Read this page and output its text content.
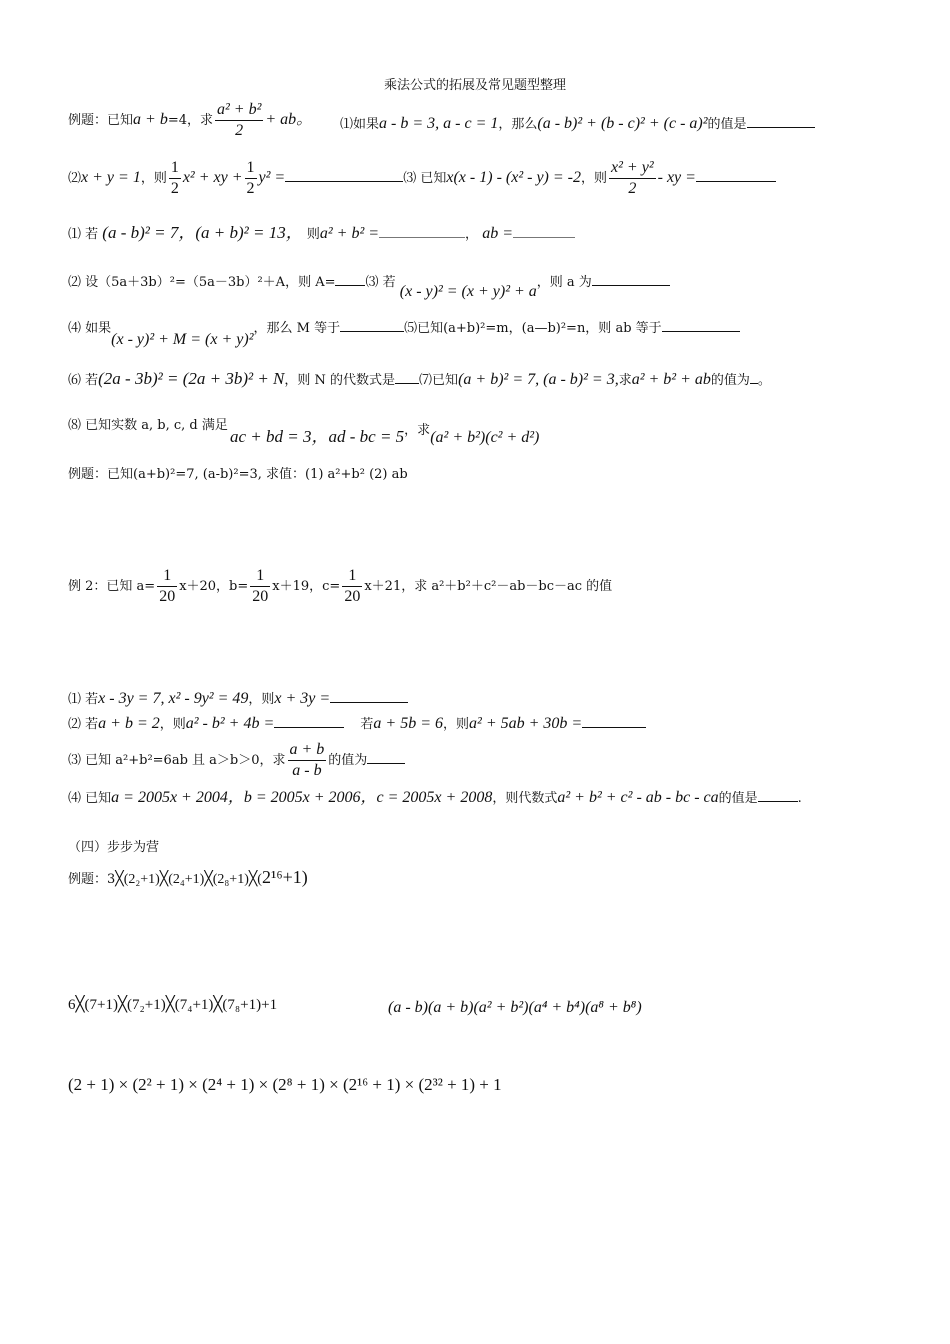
乘法公式的拓展及常见题型整理
例题：已知a + b=4，求 $\frac{\text{a² + b²}}{2}$ + ab。 ⑴如果a - b = 3, a - c = 1，那么(a - b)² + (b - c)² + (c - a)²的值是
⑵x + y = 1，则 $\frac{1}{2} x^2$ + xy + $\frac{1}{2} y^2$ =	⑶ 已知x(x - 1) - (x² - y) = -2，则 $\frac{\text{x² + y²}}{2}$ - xy =
⑴ 若 (a - b)² = 7，(a + b)² = 13， 则a² + b² =	， ab =
⑵ 设（5a＋3b）²=（5a－3b）²＋A，则 A= ⑶ 若 (x - y)² = (x + y)² + a，则 a 为
⑷ 如果(x - y)² + M = (x + y)²，那么 M 等于	⑸已知(a+b)²=m，(a—b)²=n，则 ab 等于
⑹ 若(2a - 3b)² = (2a + 3b)² + N，则 N 的代数式是 ⑺已知(a + b)² = 7, (a - b)² = 3,求a² + b² + ab的值为 。
⑻ 已知实数 a, b, c, d 满足
ac + bd = 3，ad - bc = 5，求(a² + b²)(c² + d²)
例题：已知(a+b)²=7, (a-b)²=3, 求值：(1) a²+b² (2) ab
例 2：已知 $a= \frac{1}{20} x+20$，$b= \frac{1}{20} x+19$，$c= \frac{1}{20} x+21$，求 a²＋b²＋c²－ab－bc－ac 的值
⑴ 若x - 3y = 7, x² - 9y² = 49，则x + 3y =
⑵ 若a + b = 2，则a² - b² + 4b =	若a + 5b = 6，则a² + 5ab + 30b =
⑶ 已知 a²+b²=6ab 且 a＞b＞0，求 $\frac{a + b}{a - b}$ 的值为
⑷ 已知a = 2005x + 2004，b = 2005x + 2006，c = 2005x + 2008，则代数式a² + b² + c² - ab - bc - ca的值是	.
（四）步步为营
例题：3╳(2₂+1)╳(2₄+1)╳(2₈+1)╳(2¹⁶+1)
6╳(7+1)╳(7₂+1)╳(7₄+1)╳(7₈+1)+1	(a - b)(a + b)(a² + b²)(a⁴ + b⁴)(a⁸ + b⁸)
(2 + 1) × (2² + 1) × (2⁴ + 1) × (2⁸ + 1) × (2¹⁶ + 1) × (2³² + 1) + 1
